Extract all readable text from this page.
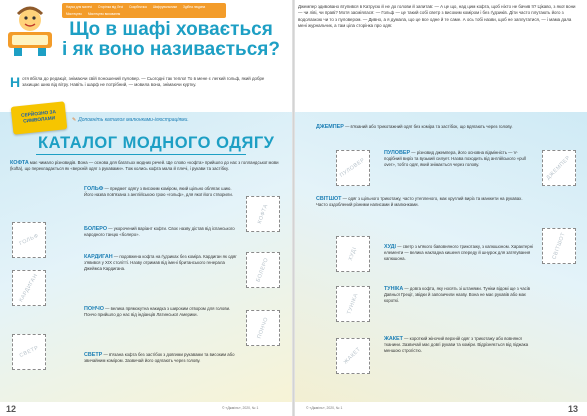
Наука для малечі Сторінка від Лесі Скарбничка Шифрувальники Здібна людина
Мистецтво Мистецтво виховання
Що в шафі ховається
і як воно називається?
Н отя вбігла до редакції, знімаючи свій поношений пуловер. — Сьогодні так тепло! То в мене є легкий гольф, який добре захищає шию від вітру. Навіть і шарф не потрібний, — мовила вона, знімаючи куртку.

Джемпер здивовано втупився в Катрусю й не до голови й запитав: — А це що, над цим кофта, щоб ніхто не бачив її? Цікаво, з якої вони — чи ліві, чи праві? Мотя засміялася: — Гольф — це такий собі светр з високим коміром і без ґудзиків. Діти часто плутають його з водолазкою чи то з пуловером. — Дивно, а я думала, що це все одне й те саме. А ось тобі назви, щоб не заплутатися, — і мама дала мені журнальчик, а там ціла сторінка про одяг.

СЕРЙОЗНО ЗА СИМВОЛАМИ	✎ Доповніть каталог малюнками-ілюстраціями.
КАТАЛОГ МОДНОГО ОДЯГУ
КОФТА має чимало різновидів. Вона — основа для багатьох модних речей. Ще слово «кофта» прийшло до нас з голландської мови (kofta), що перекладається як «верхній одяг з рукавами». Тож колись кофта мала й плечі, і рукави та застібку.
ГОЛЬФ — предмет одягу з високим коміром, який щільно облягає шию. Його назва пов'язана з англійською грою «гольф», для якої його створили.
БОЛЕРО — укорочений варіант кофти. Своє назву дістав від іспанського народного танцю «болеро».
КАРДИГАН — подовжена кофта на ґудзиках без коміра. Кардиган як одяг з'явився у XIX столітті. Назву отримав від імені британського генерала Джеймса Кардигана.
ПОНЧО — велика прямокутна накидка з широким отвором для голови. Пончо прийшло до нас від індіанців Латинської Америки.
СВЕТР — в'язана кофта без застібок з довгими рукавами та високим або звичайним коміром. Зазвичай його одягають через голову.
ГОЛЬФ
КАРДИГАН
СВЕТР
КОФТА
БОЛЕРО
ПОНЧО
ДЖЕМПЕР — в'язаний або трикотажний одяг без коміра та застібок, що вдягають через голову.
ПУЛОВЕР — різновид джемпера, його основна відмінність — V-подібний виріз та вузький силует. Назва походить від англійського «pull over», тобто одяг, який знімається через голову.
СВІТШОТ — одяг з щільного трикотажу, часто утепленого, має круглий виріз та манжети на рукавах. Часто оздоблений різними написами й малюнками.
ХУДІ — светр з м'якого бавовняного трикотажу, з капюшоном. Характерні елементи — велика накладна кишеня спереду й шнурок для затягування капюшона.
ТУНІКА — довга кофта, яку носять зі штанями. Туніки відомі ще з часів Давньої Греції, звідки й запозичили назву. Вона не має рукавів або має короткі.
ЖАКЕТ — короткий жіночий верхній одяг з трикотажу або вовняної тканини. Зазвичай має довгі рукави та коміри. Відрізняється від піджака меншою строгістю.
ПУЛОВЕР
ХУДІ
ТУНІКА
ЖАКЕТ
ДЖЕМПЕР
СВІТШОТ
12	© «Джміль», 2020, № 1	© «Джміль», 2020, № 1	13
